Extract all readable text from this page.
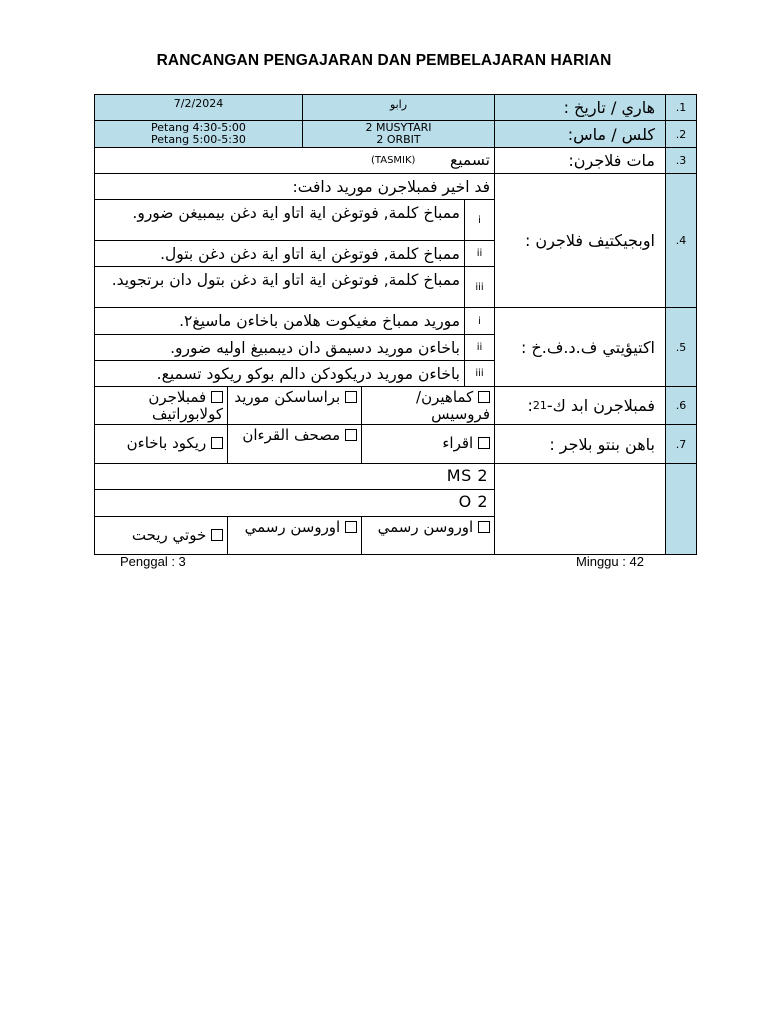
RANCANGAN PENGAJARAN DAN PEMBELAJARAN HARIAN
.1
هاري / تاريخ :
رابو
7/2/2024
.2
كلس / ماس:
2 MUSYTARI
2 ORBIT
Petang 4:30-5:00
Petang 5:00-5:30
.3
مات فلاجرن:
تسميع
(TASMIK)
.4
اوبجيكتيف فلاجرن :
فد اخير فمبلاجرن موريد دافت:
i
ممباخ كلمة, فوتوغن اية اتاو اية دغن بيمبيغن ضورو.
ii
ممباخ كلمة, فوتوغن اية اتاو اية دغن دغن بتول.
iii
ممباخ كلمة, فوتوغن اية اتاو اية دغن بتول دان برتجويد.
.5
اكتيؤيتي ف.د.ف.خ :
i
موريد ممباخ مغيكوت هلامن باخاءن ماسيغ٢.
ii
باخاءن موريد دسيمق دان ديبمبيغ اوليه ضورو.
iii
باخاءن موريد دريكودكن دالم بوكو ريكود تسميع.
.6
فمبلاجرن ابد ك-
21
:
كماهيرن/ فروسيس
براساسكن موريد
فمبلاجرن كولابوراتيف
.7
باهن بنتو بلاجر :
اقراء
مصحف القرءان
ريكود باخاءن
MS 2
O 2
اوروسن رسمي
اوروسن رسمي
خوتي ريحت
Penggal : 3	Minggu : 42
